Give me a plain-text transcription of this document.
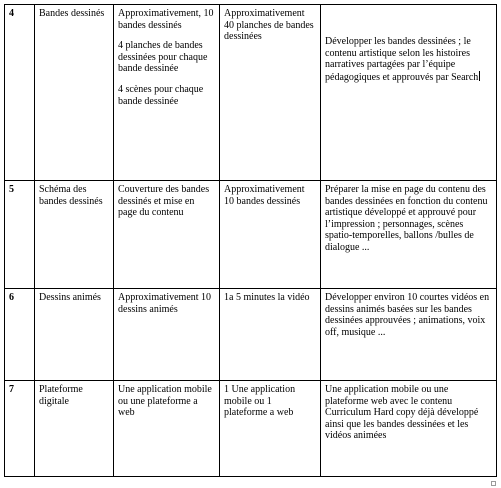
4	Bandes dessinés	Approximativement, 10 bandes dessinés

4 planches de bandes dessinées pour chaque bande dessinée

4 scènes pour chaque bande dessinée	Approximativement 40 planches de bandes dessinées	Développer les bandes dessinées ; le contenu artistique selon les histoires narratives partagées par l’équipe pédagogiques et approuvés par Search
5	Schéma des bandes dessinés	Couverture des bandes dessinés et mise en page du contenu	Approximativement 10 bandes dessinés	Préparer la mise en page du contenu des bandes dessinées en fonction du contenu artistique développé et approuvé pour l’impression ; personnages, scènes spatio-temporelles, ballons /bulles de dialogue ...
6	Dessins animés	Approximativement 10 dessins animés	1a 5 minutes la vidéo	Développer environ 10 courtes vidéos en dessins animés basées sur les bandes dessinées approuvées ; animations, voix off, musique ...
7	Plateforme digitale	Une application mobile ou une plateforme a web	1 Une application mobile ou 1 plateforme a web	Une application mobile ou une plateforme web avec le contenu Curriculum Hard copy déjà développé ainsi que les bandes dessinées et les vidéos animées
